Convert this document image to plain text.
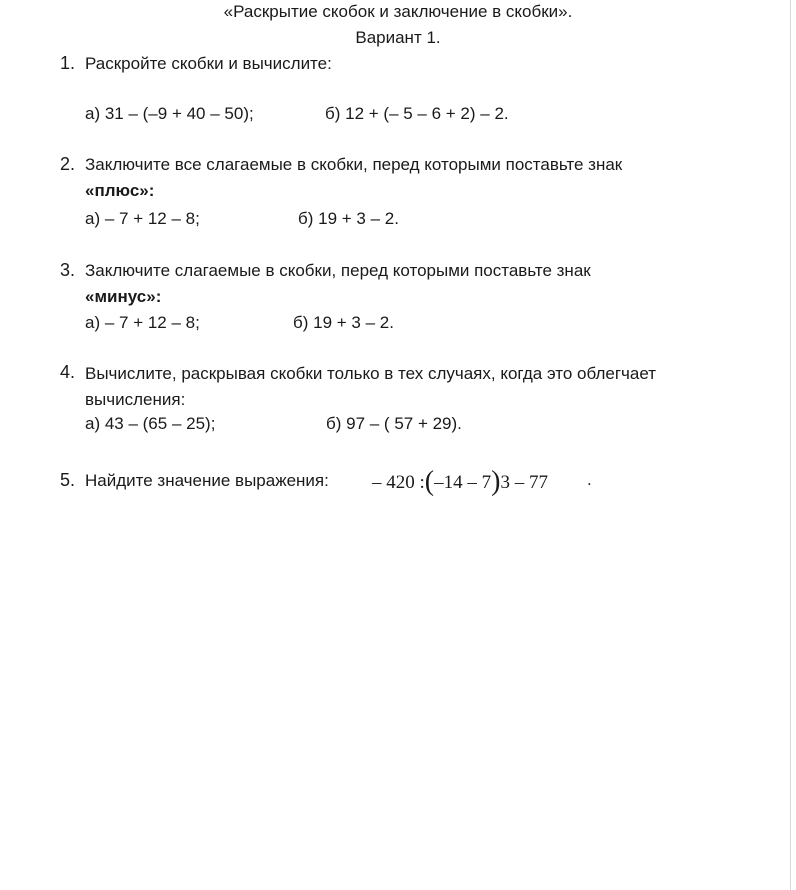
«Раскрытие скобок и заключение в скобки».
Вариант 1.
1. Раскройте скобки и вычислите:
а) 31 – (–9 + 40 – 50);	б) 12 + (– 5 – 6 + 2) – 2.
2. Заключите все слагаемые в скобки, перед которыми поставьте знак
«плюс»:
а) – 7 + 12 – 8;	б) 19 + 3 – 2.
3. Заключите слагаемые в скобки, перед которыми поставьте знак
«минус»:
а) – 7 + 12 – 8;	б) 19 + 3 – 2.
4. Вычислите, раскрывая скобки только в тех случаях, когда это облегчает
вычисления:
а) 43 – (65 – 25);	б) 97 – ( 57 + 29).
5. Найдите значение выражения: – 420 :(–14 – 7)3 – 77 .
